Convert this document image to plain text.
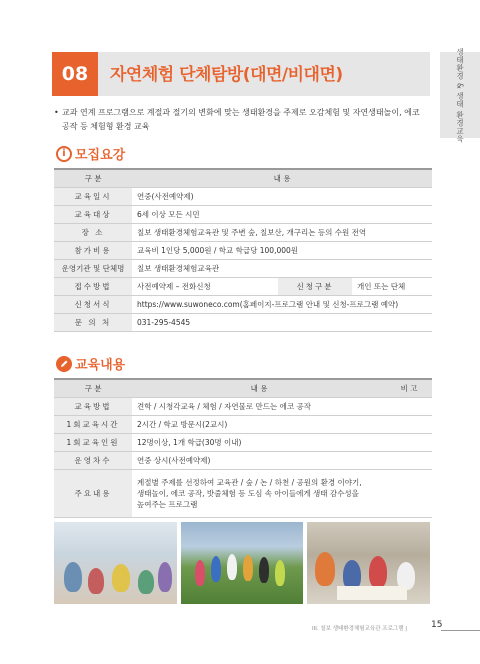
생태환경 & 생태 환경교육
08	자연체험 단체탐방(대면/비대면)
• 교과 연계 프로그램으로 계절과 절기의 변화에 맞는 생태환경을 주제로 오감체험 및 자연생태놀이, 에코 공작 등 체험형 환경 교육
i 모집요강
구 분	내 용		
교육일시	연중(사전예약제)		
교육대상	6세 이상 모든 시민		
장 소	칠보 생태환경체험교육관 및 주변 숲, 칠보산, 개구리논 등의 수원 전역		
참가비용	교육비 1인당 5,000원 / 학교 학급당 100,000원		
운영기관 및 단체명	칠보 생태환경체험교육관		
접수방법	사전예약제 – 전화신청	신청구분	개인 또는 단체
신청서식	https://www.suwoneco.com(홈페이지-프로그램 안내 및 신청-프로그램 예약)		
문 의 처	031-295-4545		
교육내용
구 분	내 용	비 고
교육방법	견학 / 시청각교육 / 체험 / 자연물로 만드는 에코 공작	
1회교육시간	2시간 / 학교 방문시(2교시)	
1회교육인원	12명이상, 1개 학급(30명 이내)	
운영차수	연중 상시(사전예약제)	
주요내용	계절별 주제를 선정하여 교육관 / 숲 / 논 / 하천 / 공원의 환경 이야기,
생태놀이, 에코 공작, 밧줄체험 등 도심 속 아이들에게 생태 감수성을
높여주는 프로그램	

III. 칠보 생태환경체험교육관 프로그램 |	15
